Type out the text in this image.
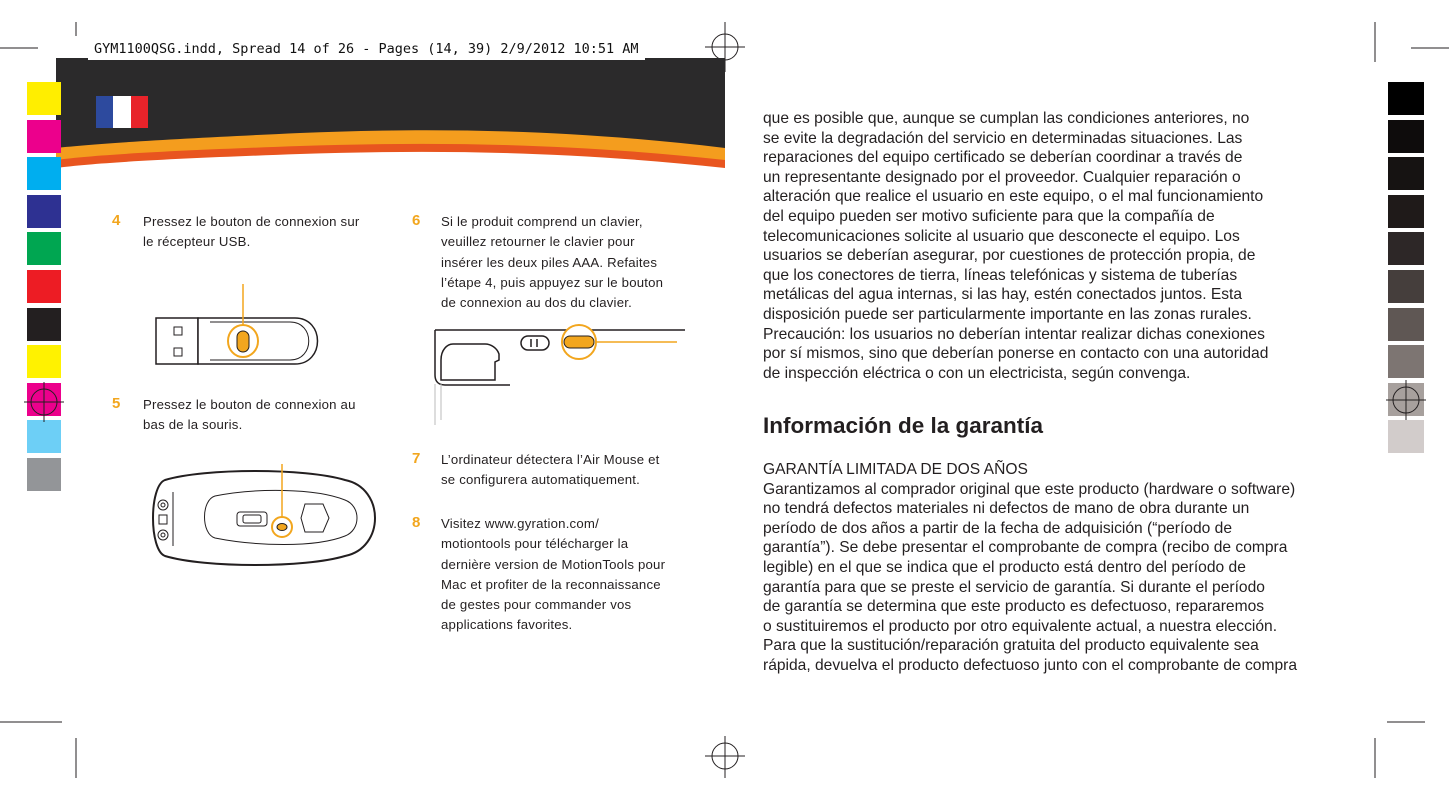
GYM1100QSG.indd, Spread 14 of 26 - Pages (14, 39) 2/9/2012 10:51 AM
4 Pressez le bouton de connexion sur
le récepteur USB.
5 Pressez le bouton de connexion au
bas de la souris.
6 Si le produit comprend un clavier,
veuillez retourner le clavier pour
insérer les deux piles AAA. Refaites
l’étape 4, puis appuyez sur le bouton
de connexion au dos du clavier.
7 L’ordinateur détectera l’Air Mouse et
se configurera automatiquement.
8 Visitez www.gyration.com/
motiontools pour télécharger la
dernière version de MotionTools pour
Mac et profiter de la reconnaissance
de gestes pour commander vos
applications favorites.

que es posible que, aunque se cumplan las condiciones anteriores, no

se evite la degradación del servicio en determinadas situaciones. Las

reparaciones del equipo certificado se deberían coordinar a través de

un representante designado por el proveedor. Cualquier reparación o

alteración que realice el usuario en este equipo, o el mal funcionamiento

del equipo pueden ser motivo suficiente para que la compañía de

telecomunicaciones solicite al usuario que desconecte el equipo. Los

usuarios se deberían asegurar, por cuestiones de protección propia, de

que los conectores de tierra, líneas telefónicas y sistema de tuberías

metálicas del agua internas, si las hay, estén conectados juntos. Esta

disposición puede ser particularmente importante en las zonas rurales.

Precaución: los usuarios no deberían intentar realizar dichas conexiones

por sí mismos, sino que deberían ponerse en contacto con una autoridad

de inspección eléctrica o con un electricista, según convenga.

Información de la garantía

GARANTÍA LIMITADA DE DOS AÑOS

Garantizamos al comprador original que este producto (hardware o software)

no tendrá defectos materiales ni defectos de mano de obra durante un

período de dos años a partir de la fecha de adquisición (“período de

garantía”). Se debe presentar el comprobante de compra (recibo de compra

legible) en el que se indica que el producto está dentro del período de

garantía para que se preste el servicio de garantía. Si durante el período

de garantía se determina que este producto es defectuoso, repararemos

o sustituiremos el producto por otro equivalente actual, a nuestra elección.

Para que la sustitución/reparación gratuita del producto equivalente sea

rápida, devuelva el producto defectuoso junto con el comprobante de compra
